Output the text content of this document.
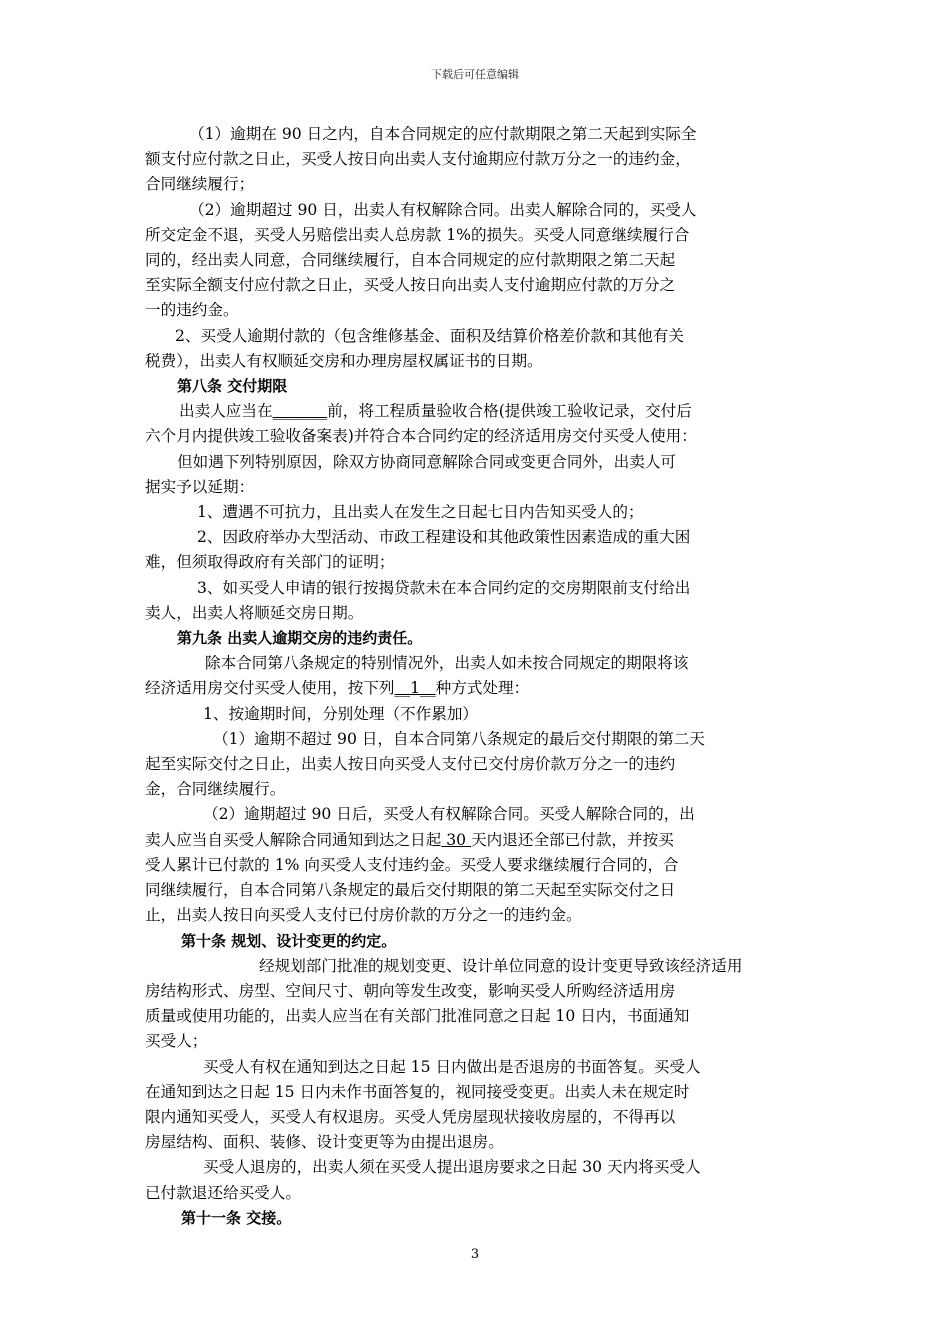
下载后可任意编辑

（1）逾期在 90 日之内，自本合同规定的应付款期限之第二天起到实际全

额支付应付款之日止，买受人按日向出卖人支付逾期应付款万分之一的违约金，

合同继续履行；

（2）逾期超过 90 日，出卖人有权解除合同。出卖人解除合同的，买受人

所交定金不退，买受人另赔偿出卖人总房款 1%的损失。买受人同意继续履行合

同的，经出卖人同意，合同继续履行，自本合同规定的应付款期限之第二天起

至实际全额支付应付款之日止，买受人按日向出卖人支付逾期应付款的万分之

一的违约金。

2、买受人逾期付款的（包含维修基金、面积及结算价格差价款和其他有关

税费），出卖人有权顺延交房和办理房屋权属证书的日期。

第八条 交付期限

出卖人应当在_______前，将工程质量验收合格(提供竣工验收记录，交付后

六个月内提供竣工验收备案表)并符合本合同约定的经济适用房交付买受人使用：

但如遇下列特别原因，除双方协商同意解除合同或变更合同外，出卖人可

据实予以延期：

1、遭遇不可抗力，且出卖人在发生之日起七日内告知买受人的；

2、因政府举办大型活动、市政工程建设和其他政策性因素造成的重大困

难，但须取得政府有关部门的证明；

3、如买受人申请的银行按揭贷款未在本合同约定的交房期限前支付给出

卖人，出卖人将顺延交房日期。

第九条 出卖人逾期交房的违约责任。

除本合同第八条规定的特别情况外，出卖人如未按合同规定的期限将该

经济适用房交付买受人使用，按下列__1__种方式处理：

1、按逾期时间，分别处理（不作累加）

（1）逾期不超过 90 日，自本合同第八条规定的最后交付期限的第二天

起至实际交付之日止，出卖人按日向买受人支付已交付房价款万分之一的违约

金，合同继续履行。

（2）逾期超过 90 日后，买受人有权解除合同。买受人解除合同的，出

卖人应当自买受人解除合同通知到达之日起 30 天内退还全部已付款，并按买

受人累计已付款的 1% 向买受人支付违约金。买受人要求继续履行合同的，合

同继续履行，自本合同第八条规定的最后交付期限的第二天起至实际交付之日

止，出卖人按日向买受人支付已付房价款的万分之一的违约金。

第十条 规划、设计变更的约定。

经规划部门批准的规划变更、设计单位同意的设计变更导致该经济适用

房结构形式、房型、空间尺寸、朝向等发生改变，影响买受人所购经济适用房

质量或使用功能的，出卖人应当在有关部门批准同意之日起 10 日内，书面通知

买受人；

买受人有权在通知到达之日起 15 日内做出是否退房的书面答复。买受人

在通知到达之日起 15 日内未作书面答复的，视同接受变更。出卖人未在规定时

限内通知买受人，买受人有权退房。买受人凭房屋现状接收房屋的，不得再以

房屋结构、面积、装修、设计变更等为由提出退房。

买受人退房的，出卖人须在买受人提出退房要求之日起 30 天内将买受人

已付款退还给买受人。

第十一条 交接。

3
